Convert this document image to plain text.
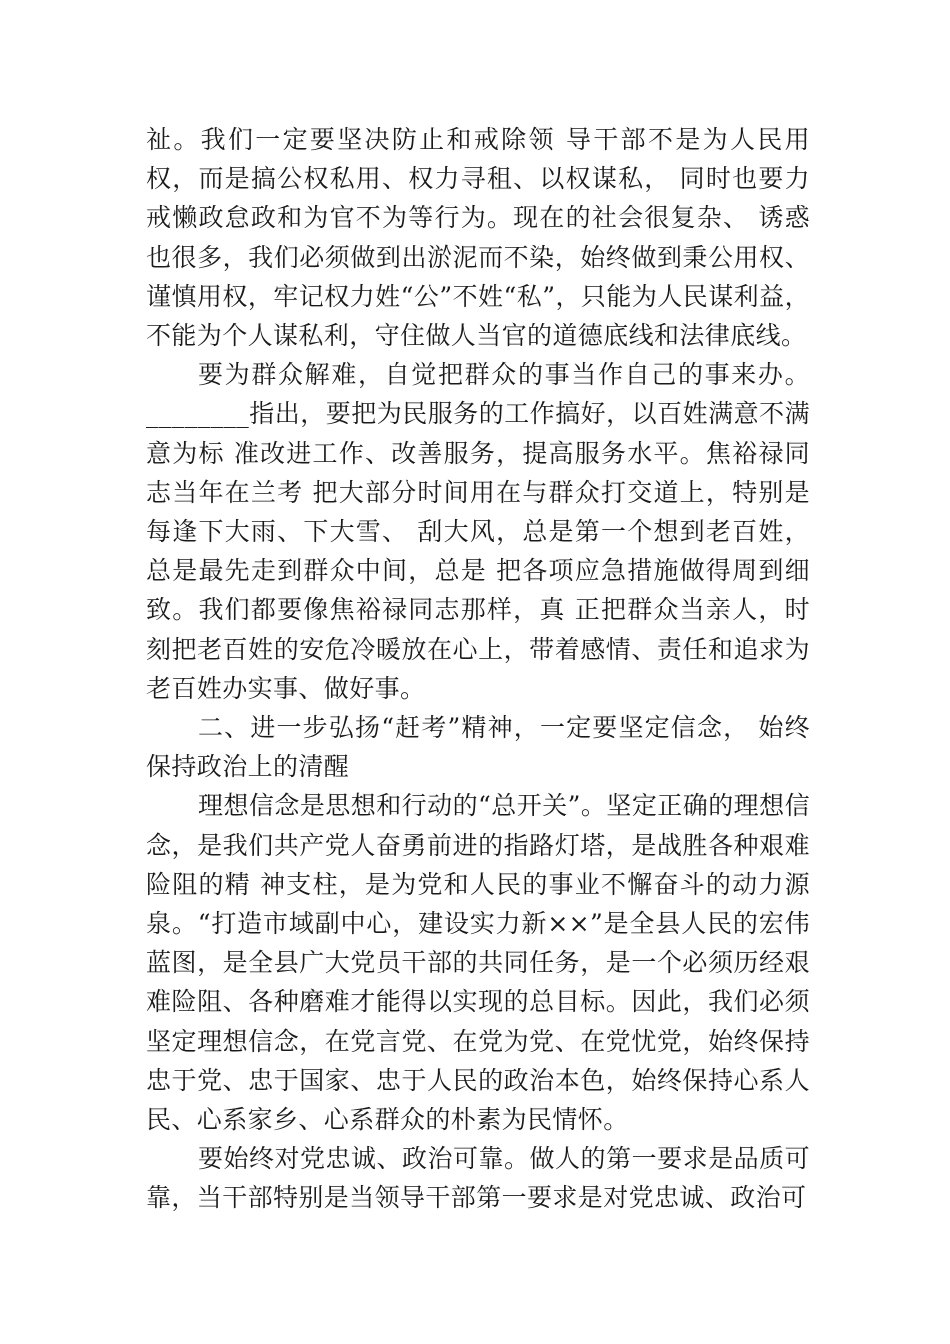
祉。我们一定要坚决防止和戒除领 导干部不是为人民用权，而是搞公权私用、权力寻租、以权谋私， 同时也要力戒懒政怠政和为官不为等行为。现在的社会很复杂、 诱惑也很多，我们必须做到出淤泥而不染，始终做到秉公用权、谨慎用权，牢记权力姓“公”不姓“私”，只能为人民谋利益，不能为个人谋私利，守住做人当官的道德底线和法律底线。

要为群众解难，自觉把群众的事当作自己的事来办。________指出，要把为民服务的工作搞好，以百姓满意不满意为标 准改进工作、改善服务，提高服务水平。焦裕禄同志当年在兰考 把大部分时间用在与群众打交道上，特别是每逢下大雨、下大雪、 刮大风，总是第一个想到老百姓，总是最先走到群众中间，总是 把各项应急措施做得周到细致。我们都要像焦裕禄同志那样，真 正把群众当亲人，时刻把老百姓的安危冷暖放在心上，带着感情、责任和追求为老百姓办实事、做好事。

二、进一步弘扬“赶考”精神，一定要坚定信念， 始终保持政治上的清醒

理想信念是思想和行动的“总开关”。坚定正确的理想信念，是我们共产党人奋勇前进的指路灯塔，是战胜各种艰难险阻的精 神支柱，是为党和人民的事业不懈奋斗的动力源泉。“打造市域副中心，建设实力新××”是全县人民的宏伟蓝图，是全县广大党员干部的共同任务，是一个必须历经艰难险阻、各种磨难才能得以实现的总目标。因此，我们必须坚定理想信念，在党言党、在党为党、在党忧党，始终保持忠于党、忠于国家、忠于人民的政治本色，始终保持心系人民、心系家乡、心系群众的朴素为民情怀。

要始终对党忠诚、政治可靠。做人的第一要求是品质可靠，当干部特别是当领导干部第一要求是对党忠诚、政治可
